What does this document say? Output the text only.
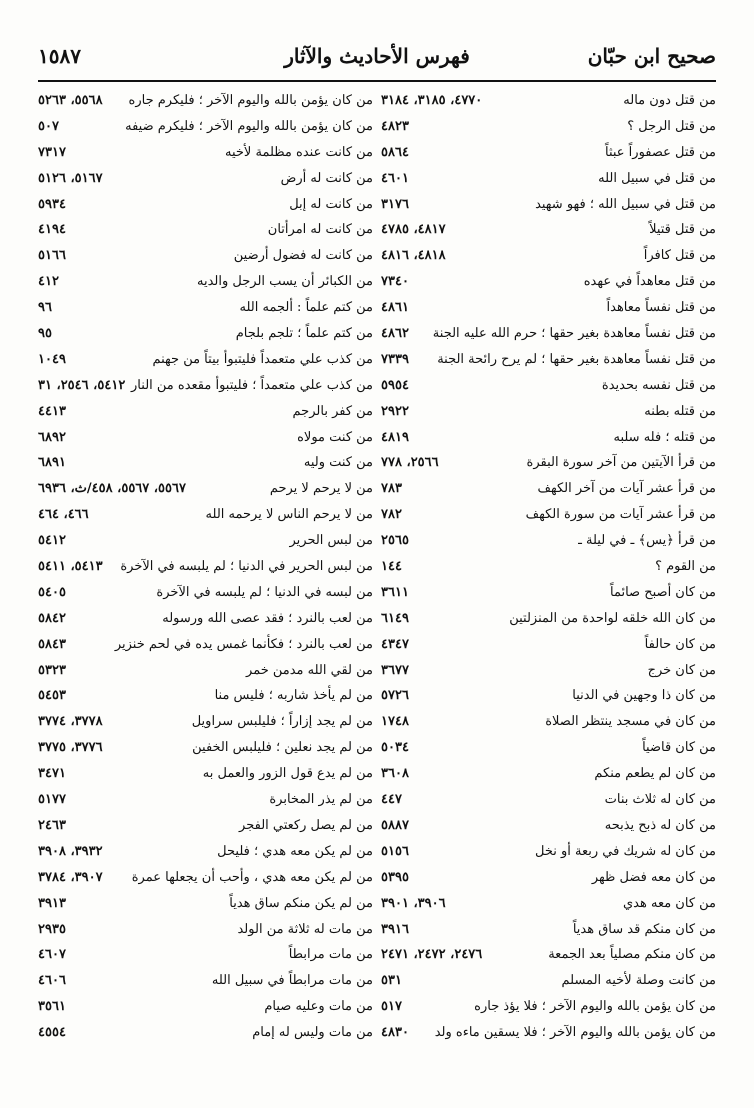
صحيح ابن حبّان
فهرس الأحاديث والآثار
١٥٨٧
من قتل دون ماله
٤٧٧٠، ٣١٨٥، ٣١٨٤
من قتل الرجل ؟
٤٨٢٣
من قتل عصفوراً عبثاً
٥٨٦٤
من قتل في سبيل الله
٤٦٠١
من قتل في سبيل الله ؛ فهو شهيد
٣١٧٦
من قتل قتيلاً
٤٨١٧، ٤٧٨٥
من قتل كافراً
٤٨١٨، ٤٨١٦
من قتل معاهداً في عهده
٧٣٤٠
من قتل نفساً معاهداً
٤٨٦١
من قتل نفساً معاهدة بغير حقها ؛ حرم الله عليه الجنة
٤٨٦٢
من قتل نفساً معاهدة بغير حقها ؛ لم يرح رائحة الجنة
٧٣٣٩
من قتل نفسه بحديدة
٥٩٥٤
من قتله بطنه
٢٩٢٢
من قتله ؛ فله سلبه
٤٨١٩
من قرأ الآيتين من آخر سورة البقرة
٢٥٦٦، ٧٧٨
من قرأ عشر آيات من آخر الكهف
٧٨٣
من قرأ عشر آيات من سورة الكهف
٧٨٢
من قرأ ﴿يس﴾ ـ في ليلة ـ
٢٥٦٥
من القوم ؟
١٤٤
من كان أصبح صائماً
٣٦١١
من كان الله خلقه لواحدة من المنزلتين
٦١٤٩
من كان حالفاً
٤٣٤٧
من كان خرج
٣٦٧٧
من كان ذا وجهين في الدنيا
٥٧٢٦
من كان في مسجد ينتظر الصلاة
١٧٤٨
من كان قاضياً
٥٠٣٤
من كان لم يطعم منكم
٣٦٠٨
من كان له ثلاث بنات
٤٤٧
من كان له ذبح يذبحه
٥٨٨٧
من كان له شريك في ربعة أو نخل
٥١٥٦
من كان معه فضل ظهر
٥٣٩٥
من كان معه هدي
٣٩٠٦، ٣٩٠١
من كان منكم قد ساق هدياً
٣٩١٦
من كان منكم مصلياً بعد الجمعة
٢٤٧٦، ٢٤٧٢، ٢٤٧١
من كانت وصلة لأخيه المسلم
٥٣١
من كان يؤمن بالله واليوم الآخر ؛ فلا يؤذ جاره
٥١٧
من كان يؤمن بالله واليوم الآخر ؛ فلا يسقين ماءه ولد
٤٨٣٠
من كان يؤمن بالله واليوم الآخر ؛ فليكرم جاره
٥٥٦٨، ٥٢٦٣
من كان يؤمن بالله واليوم الآخر ؛ فليكرم ضيفه
٥٠٧
من كانت عنده مظلمة لأخيه
٧٣١٧
من كانت له أرض
٥١٦٧، ٥١٢٦
من كانت له إبل
٥٩٣٤
من كانت له امرأتان
٤١٩٤
من كانت له فضول أرضين
٥١٦٦
من الكبائر أن يسب الرجل والديه
٤١٢
من كتم علماً : ألجمه الله
٩٦
من كتم علماً ؛ تلجم بلجام
٩٥
من كذب علي متعمداً فليتبوأ بيتاً من جهنم
١٠٤٩
من كذب علي متعمداً ؛ فليتبوأ مقعده من النار
٥٤١٢، ٢٥٤٦، ٣١
من كفر بالرجم
٤٤١٣
من كنت مولاه
٦٨٩٢
من كنت وليه
٦٨٩١
من لا يرحم لا يرحم
٥٥٦٧، ٥٥٦٧، ٤٥٨/ث، ٦٩٣٦
من لا يرحم الناس لا يرحمه الله
٤٦٦، ٤٦٤
من لبس الحرير
٥٤١٢
من لبس الحرير في الدنيا ؛ لم يلبسه في الآخرة
٥٤١٣، ٥٤١١
من لبسه في الدنيا ؛ لم يلبسه في الآخرة
٥٤٠٥
من لعب بالنرد ؛ فقد عصى الله ورسوله
٥٨٤٢
من لعب بالنرد ؛ فكأنما غمس يده في لحم خنزير
٥٨٤٣
من لقي الله مدمن خمر
٥٣٢٣
من لم يأخذ شاربه ؛ فليس منا
٥٤٥٣
من لم يجد إزاراً ؛ فليلبس سراويل
٣٧٧٨، ٣٧٧٤
من لم يجد نعلين ؛ فليلبس الخفين
٣٧٧٦، ٣٧٧٥
من لم يدع قول الزور والعمل به
٣٤٧١
من لم يذر المخابرة
٥١٧٧
من لم يصل ركعتي الفجر
٢٤٦٣
من لم يكن معه هدي ؛ فليحل
٣٩٣٢، ٣٩٠٨
من لم يكن معه هدي ، وأحب أن يجعلها عمرة
٣٩٠٧، ٣٧٨٤
من لم يكن منكم ساق هدياً
٣٩١٣
من مات له ثلاثة من الولد
٢٩٣٥
من مات مرابطاً
٤٦٠٧
من مات مرابطاً في سبيل الله
٤٦٠٦
من مات وعليه صيام
٣٥٦١
من مات وليس له إمام
٤٥٥٤
